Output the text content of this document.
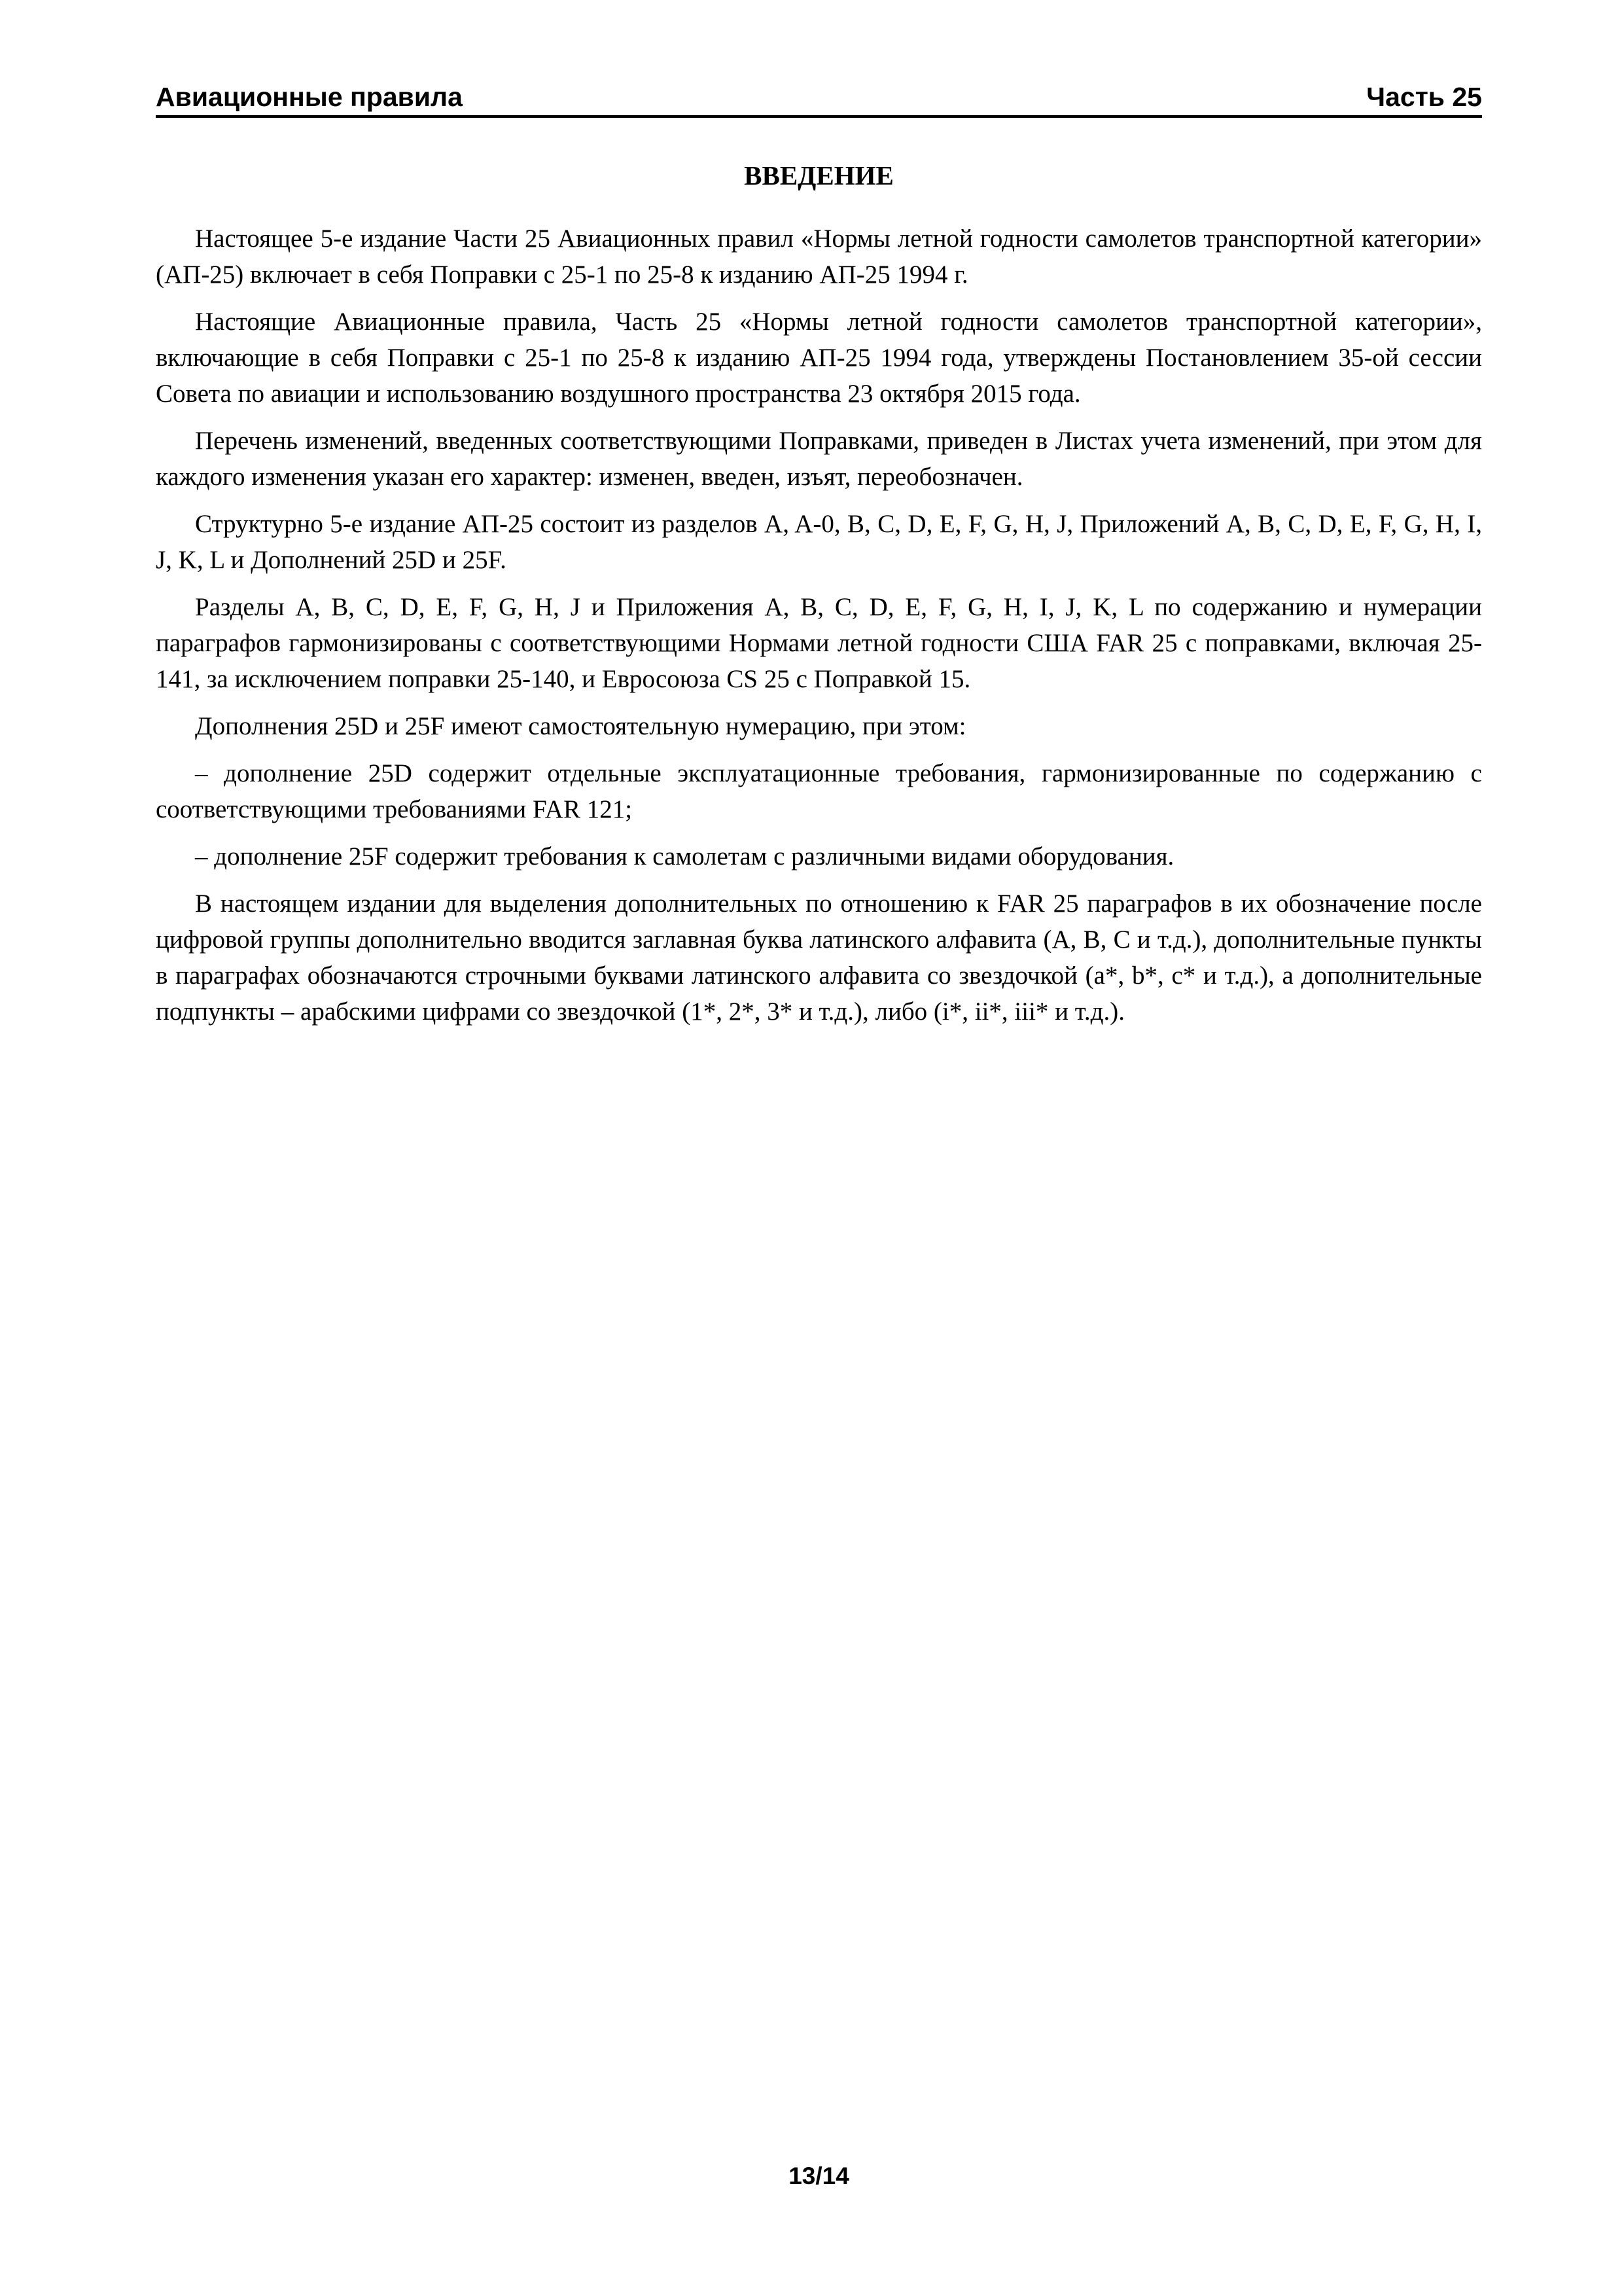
Авиационные правила	Часть 25
ВВЕДЕНИЕ

Настоящее 5-е издание Части 25 Авиационных правил «Нормы летной годности самолетов транспортной категории» (АП-25) включает в себя Поправки с 25-1 по 25-8 к изданию АП-25 1994 г.

Настоящие Авиационные правила, Часть 25 «Нормы летной годности самолетов транспортной категории», включающие в себя Поправки с 25-1 по 25-8 к изданию АП-25 1994 года, утверждены Постановлением 35-ой сессии Совета по авиации и использованию воздушного пространства 23 октября 2015 года.

Перечень изменений, введенных соответствующими Поправками, приведен в Листах учета изменений, при этом для каждого изменения указан его характер: изменен, введен, изъят, переобозначен.

Структурно 5-е издание АП-25 состоит из разделов A, A-0, B, C, D, E, F, G, H, J, Приложений A, B, C, D, E, F, G, H, I, J, K, L и Дополнений 25D и 25F.

Разделы A, B, C, D, E, F, G, H, J и Приложения A, B, C, D, E, F, G, H, I, J, K, L по содержанию и нумерации параграфов гармонизированы с соответствующими Нормами летной годности США FAR 25 с поправками, включая 25-141, за исключением поправки 25-140, и Евросоюза CS 25 с Поправкой 15.

Дополнения 25D и 25F имеют самостоятельную нумерацию, при этом:

– дополнение 25D содержит отдельные эксплуатационные требования, гармонизированные по содержанию с соответствующими требованиями FAR 121;

– дополнение 25F содержит требования к самолетам с различными видами оборудования.

В настоящем издании для выделения дополнительных по отношению к FAR 25 параграфов в их обозначение после цифровой группы дополнительно вводится заглавная буква латинского алфавита (A, B, C и т.д.), дополнительные пункты в параграфах обозначаются строчными буквами латинского алфавита со звездочкой (a*, b*, c* и т.д.), а дополнительные подпункты – арабскими цифрами со звездочкой (1*, 2*, 3* и т.д.), либо (i*, ii*, iii* и т.д.).

13/14
